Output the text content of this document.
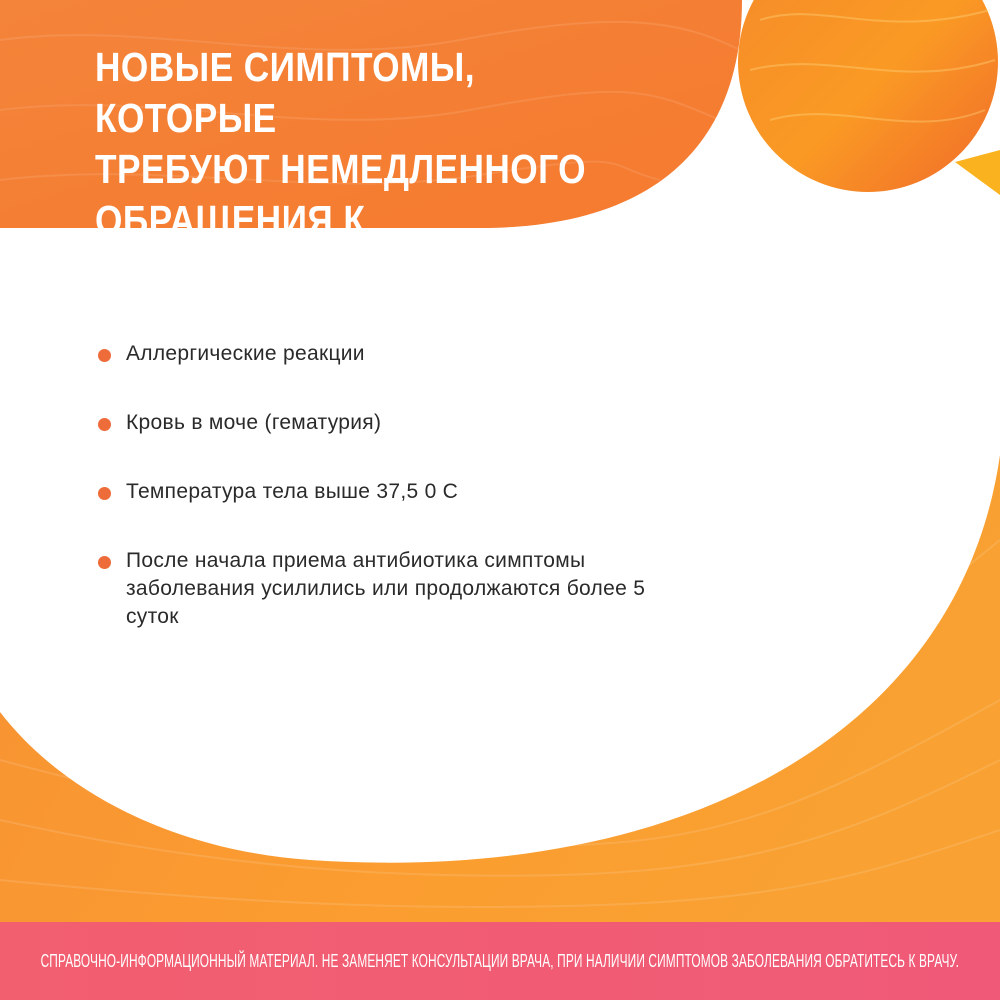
НОВЫЕ СИМПТОМЫ, КОТОРЫЕ
ТРЕБУЮТ НЕМЕДЛЕННОГО
ОБРАЩЕНИЯ К СПЕЦИАЛИСТУ
Аллергические реакции
Кровь в моче (гематурия)
Температура тела выше 37,5 0 С
После начала приема антибиотика симптомы заболевания усилились или продолжаются более 5 суток
СПРАВОЧНО-ИНФОРМАЦИОННЫЙ МАТЕРИАЛ. НЕ ЗАМЕНЯЕТ КОНСУЛЬТАЦИИ ВРАЧА, ПРИ НАЛИЧИИ СИМПТОМОВ ЗАБОЛЕВАНИЯ ОБРАТИТЕСЬ К ВРАЧУ.
